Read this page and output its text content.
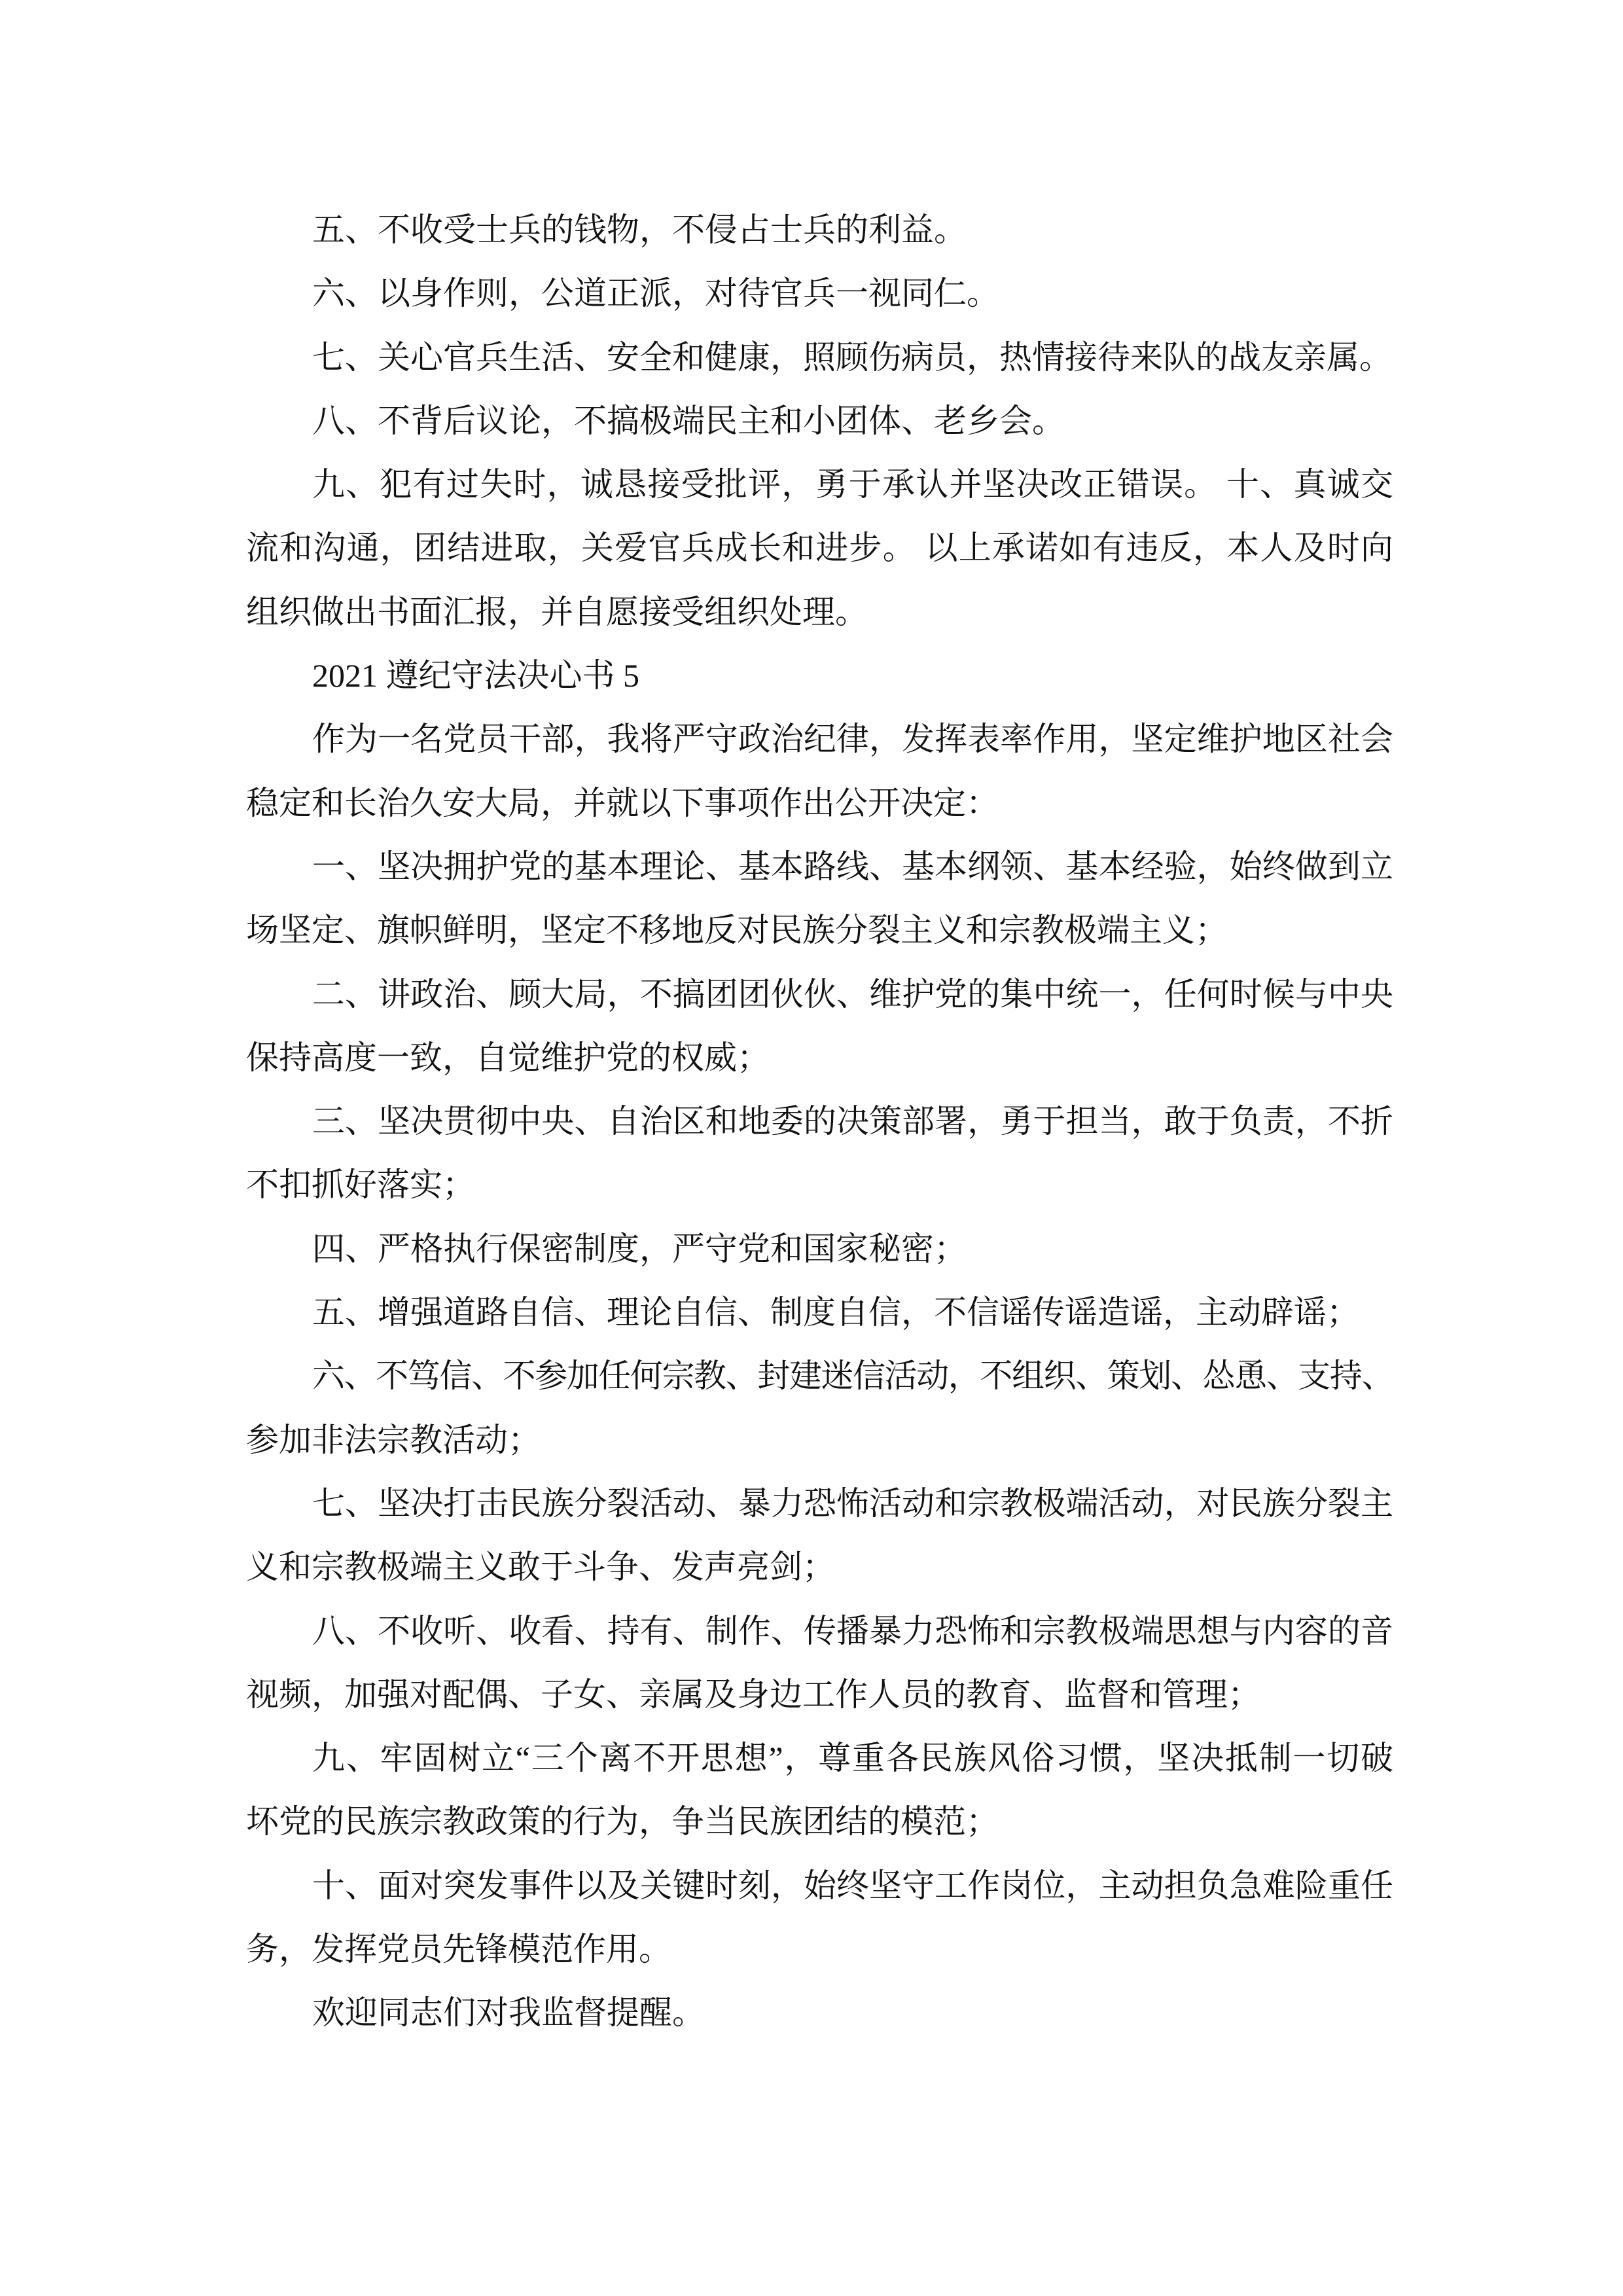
五、不收受士兵的钱物，不侵占士兵的利益。
六、以身作则，公道正派，对待官兵一视同仁。
七、关心官兵生活、安全和健康，照顾伤病员，热情接待来队的战友亲属。
八、不背后议论，不搞极端民主和小团体、老乡会。
九、犯有过失时，诚恳接受批评，勇于承认并坚决改正错误。 十、真诚交
流和沟通，团结进取，关爱官兵成长和进步。 以上承诺如有违反，本人及时向
组织做出书面汇报，并自愿接受组织处理。
2021 遵纪守法决心书 5
作为一名党员干部，我将严守政治纪律，发挥表率作用，坚定维护地区社会
稳定和长治久安大局，并就以下事项作出公开决定：
一、坚决拥护党的基本理论、基本路线、基本纲领、基本经验，始终做到立
场坚定、旗帜鲜明，坚定不移地反对民族分裂主义和宗教极端主义；
二、讲政治、顾大局，不搞团团伙伙、维护党的集中统一，任何时候与中央
保持高度一致，自觉维护党的权威；
三、坚决贯彻中央、自治区和地委的决策部署，勇于担当，敢于负责，不折
不扣抓好落实；
四、严格执行保密制度，严守党和国家秘密；
五、增强道路自信、理论自信、制度自信，不信谣传谣造谣，主动辟谣；
六、不笃信、不参加任何宗教、封建迷信活动，不组织、策划、怂恿、支持、
参加非法宗教活动；
七、坚决打击民族分裂活动、暴力恐怖活动和宗教极端活动，对民族分裂主
义和宗教极端主义敢于斗争、发声亮剑；
八、不收听、收看、持有、制作、传播暴力恐怖和宗教极端思想与内容的音
视频，加强对配偶、子女、亲属及身边工作人员的教育、监督和管理；
九、牢固树立“三个离不开思想”，尊重各民族风俗习惯，坚决抵制一切破
坏党的民族宗教政策的行为，争当民族团结的模范；
十、面对突发事件以及关键时刻，始终坚守工作岗位，主动担负急难险重任
务，发挥党员先锋模范作用。
欢迎同志们对我监督提醒。
